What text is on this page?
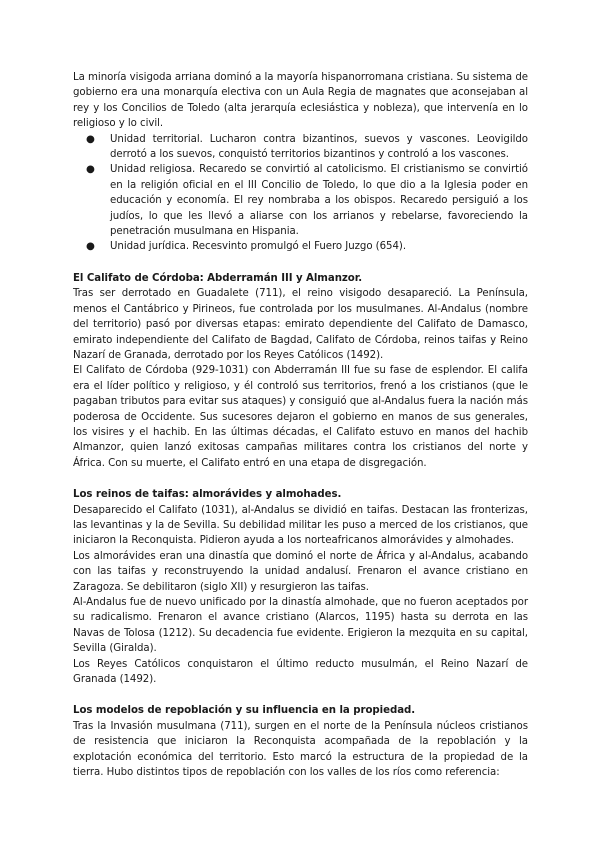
La minoría visigoda arriana dominó a la mayoría hispanorromana cristiana. Su sistema de gobierno era una monarquía electiva con un Aula Regia de magnates que aconsejaban al rey y los Concilios de Toledo (alta jerarquía eclesiástica y nobleza), que intervenía en lo religioso y lo civil.

● Unidad territorial. Lucharon contra bizantinos, suevos y vascones. Leovigildo derrotó a los suevos, conquistó territorios bizantinos y controló a los vascones.
● Unidad religiosa. Recaredo se convirtió al catolicismo. El cristianismo se convirtió en la religión oficial en el III Concilio de Toledo, lo que dio a la Iglesia poder en educación y economía. El rey nombraba a los obispos. Recaredo persiguió a los judíos, lo que les llevó a aliarse con los arrianos y rebelarse, favoreciendo la penetración musulmana en Hispania.
● Unidad jurídica. Recesvinto promulgó el Fuero Juzgo (654).
El Califato de Córdoba: Abderramán III y Almanzor.

Tras ser derrotado en Guadalete (711), el reino visigodo desapareció. La Península, menos el Cantábrico y Pirineos, fue controlada por los musulmanes. Al-Andalus (nombre del territorio) pasó por diversas etapas: emirato dependiente del Califato de Damasco, emirato independiente del Califato de Bagdad, Califato de Córdoba, reinos taifas y Reino Nazarí de Granada, derrotado por los Reyes Católicos (1492).

El Califato de Córdoba (929-1031) con Abderramán III fue su fase de esplendor. El califa era el líder político y religioso, y él controló sus territorios, frenó a los cristianos (que le pagaban tributos para evitar sus ataques) y consiguió que al-Andalus fuera la nación más poderosa de Occidente. Sus sucesores dejaron el gobierno en manos de sus generales, los visires y el hachib. En las últimas décadas, el Califato estuvo en manos del hachib Almanzor, quien lanzó exitosas campañas militares contra los cristianos del norte y África. Con su muerte, el Califato entró en una etapa de disgregación.

Los reinos de taifas: almorávides y almohades.

Desaparecido el Califato (1031), al-Andalus se dividió en taifas. Destacan las fronterizas, las levantinas y la de Sevilla. Su debilidad militar les puso a merced de los cristianos, que iniciaron la Reconquista. Pidieron ayuda a los norteafricanos almorávides y almohades.

Los almorávides eran una dinastía que dominó el norte de África y al-Andalus, acabando con las taifas y reconstruyendo la unidad andalusí. Frenaron el avance cristiano en Zaragoza. Se debilitaron (siglo XII) y resurgieron las taifas.

Al-Andalus fue de nuevo unificado por la dinastía almohade, que no fueron aceptados por su radicalismo. Frenaron el avance cristiano (Alarcos, 1195) hasta su derrota en las Navas de Tolosa (1212). Su decadencia fue evidente. Erigieron la mezquita en su capital, Sevilla (Giralda).

Los Reyes Católicos conquistaron el último reducto musulmán, el Reino Nazarí de Granada (1492).

Los modelos de repoblación y su influencia en la propiedad.

Tras la Invasión musulmana (711), surgen en el norte de la Península núcleos cristianos de resistencia que iniciaron la Reconquista acompañada de la repoblación y la explotación económica del territorio. Esto marcó la estructura de la propiedad de la tierra. Hubo distintos tipos de repoblación con los valles de los ríos como referencia:
